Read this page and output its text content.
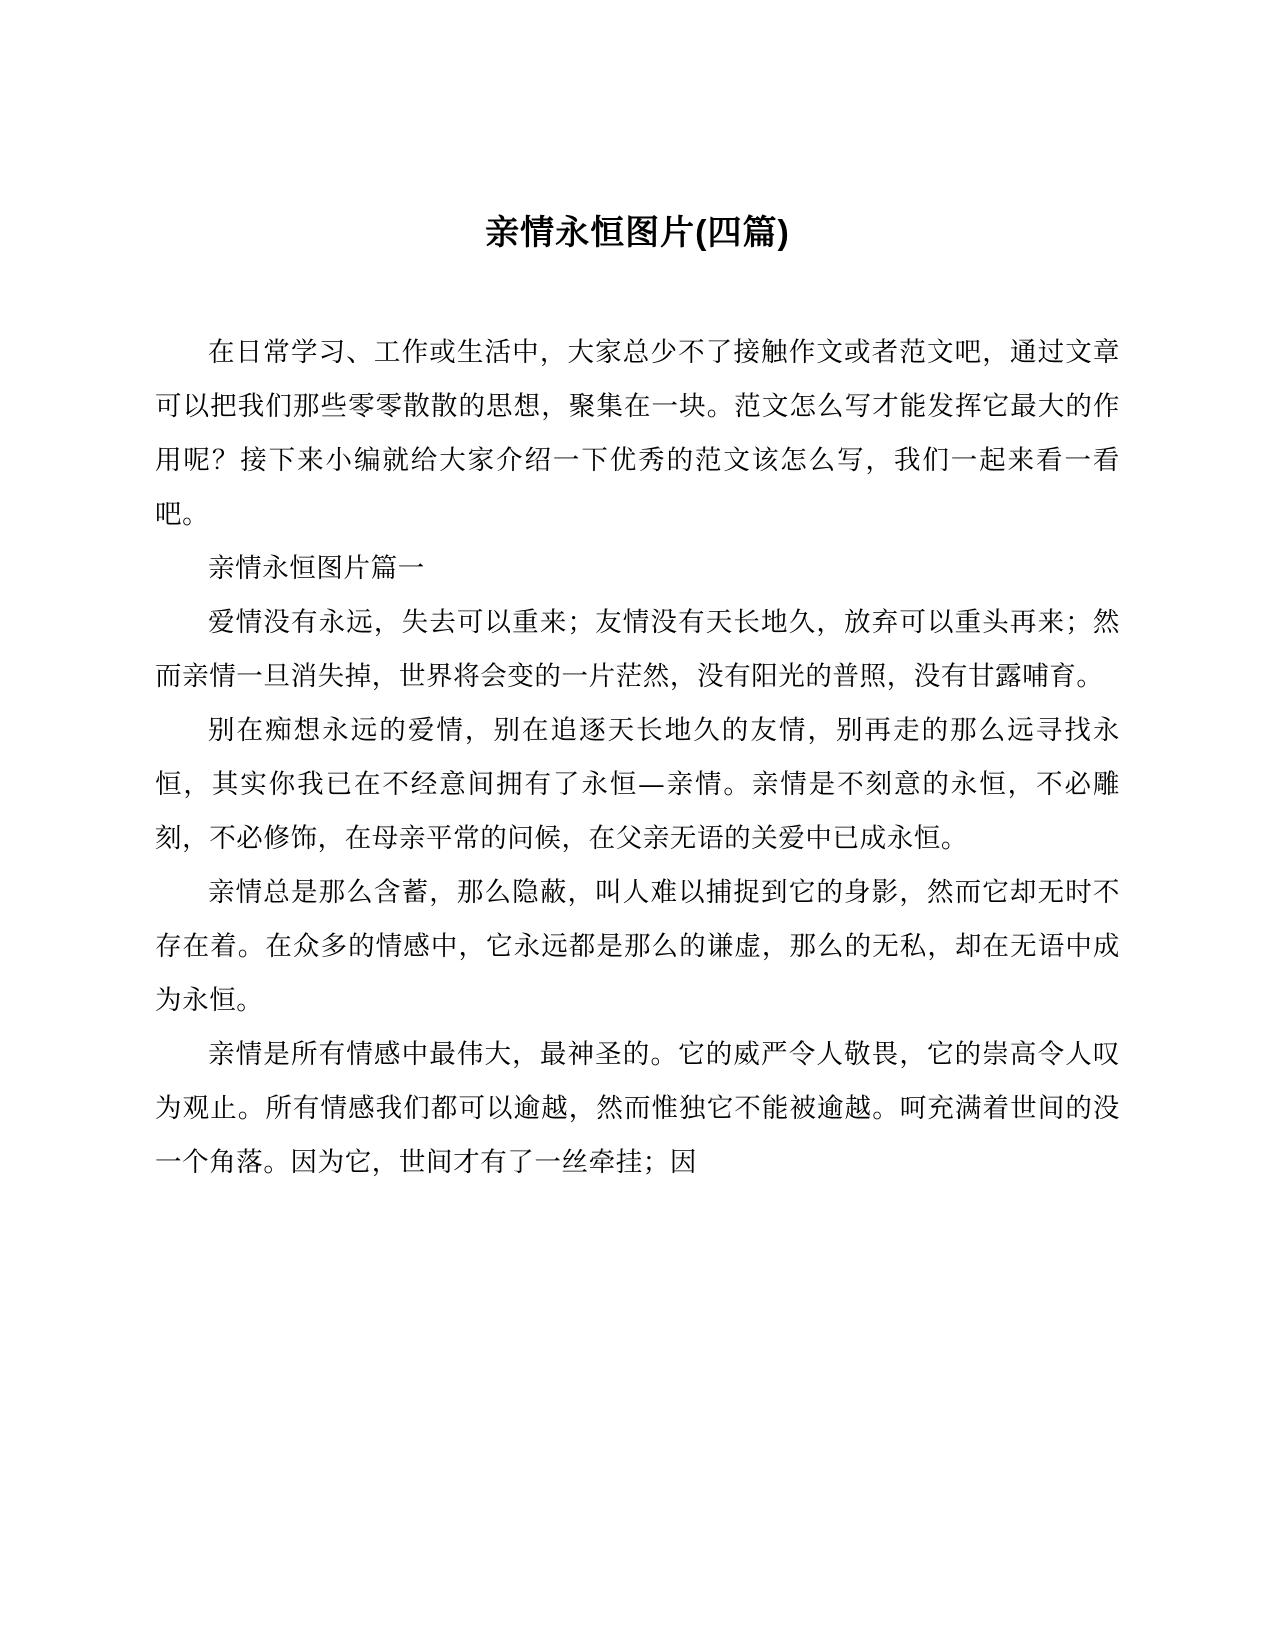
亲情永恒图片(四篇)

在日常学习、工作或生活中，大家总少不了接触作文或者范文吧，通过文章可以把我们那些零零散散的思想，聚集在一块。范文怎么写才能发挥它最大的作用呢？接下来小编就给大家介绍一下优秀的范文该怎么写，我们一起来看一看吧。

亲情永恒图片篇一

爱情没有永远，失去可以重来；友情没有天长地久，放弃可以重头再来；然而亲情一旦消失掉，世界将会变的一片茫然，没有阳光的普照，没有甘露哺育。

别在痴想永远的爱情，别在追逐天长地久的友情，别再走的那么远寻找永恒，其实你我已在不经意间拥有了永恒—亲情。亲情是不刻意的永恒，不必雕刻，不必修饰，在母亲平常的问候，在父亲无语的关爱中已成永恒。

亲情总是那么含蓄，那么隐蔽，叫人难以捕捉到它的身影，然而它却无时不存在着。在众多的情感中，它永远都是那么的谦虚，那么的无私，却在无语中成为永恒。

亲情是所有情感中最伟大，最神圣的。它的威严令人敬畏，它的崇高令人叹为观止。所有情感我们都可以逾越，然而惟独它不能被逾越。呵充满着世间的没一个角落。因为它，世间才有了一丝牵挂；因
